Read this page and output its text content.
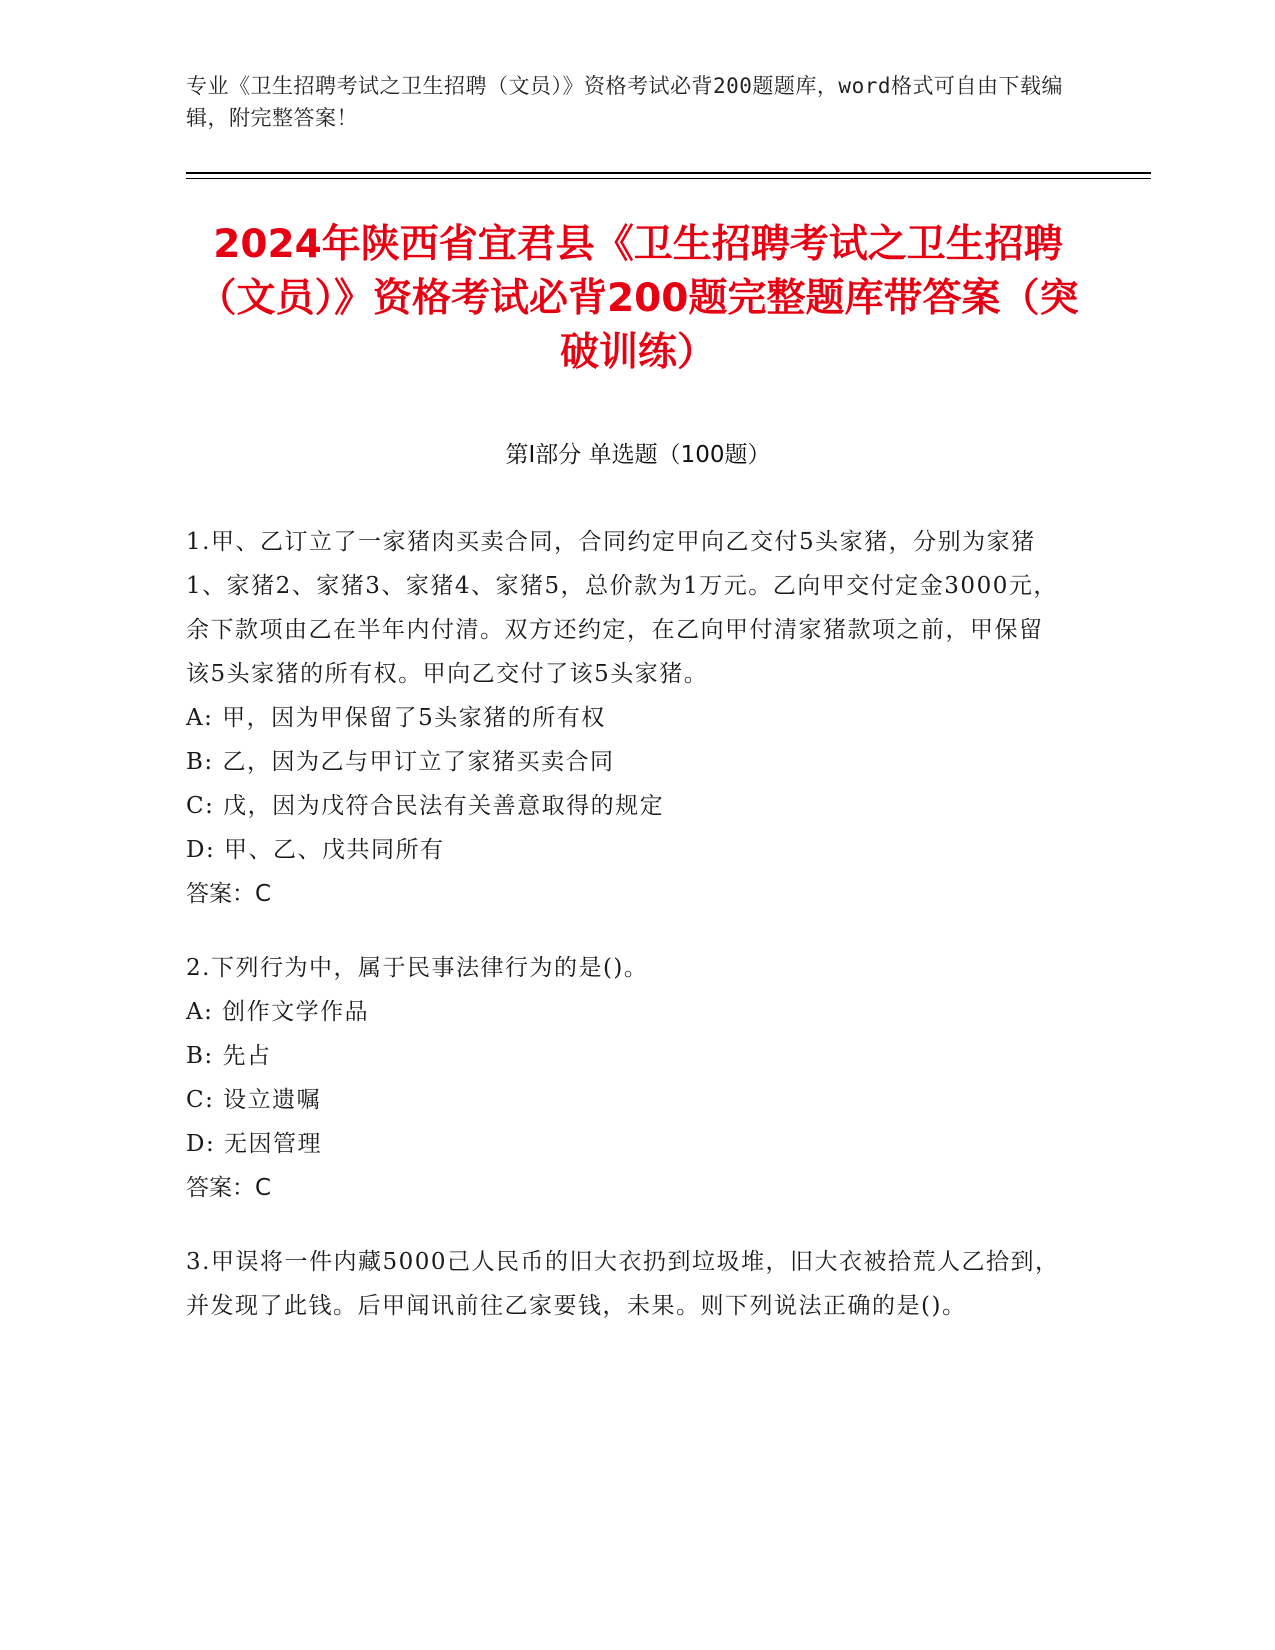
专业《卫生招聘考试之卫生招聘（文员）》资格考试必背200题题库，word格式可自由下载编辑，附完整答案！
2024年陕西省宜君县《卫生招聘考试之卫生招聘（文员）》资格考试必背200题完整题库带答案（突破训练）
第Ⅰ部分 单选题（100题）
1.甲、乙订立了一家猪肉买卖合同，合同约定甲向乙交付5头家猪，分别为家猪1、家猪2、家猪3、家猪4、家猪5，总价款为1万元。乙向甲交付定金3000元，余下款项由乙在半年内付清。双方还约定，在乙向甲付清家猪款项之前，甲保留该5头家猪的所有权。甲向乙交付了该5头家猪。
A: 甲，因为甲保留了5头家猪的所有权
B: 乙，因为乙与甲订立了家猪买卖合同
C: 戊，因为戊符合民法有关善意取得的规定
D: 甲、乙、戊共同所有
答案：C
2.下列行为中，属于民事法律行为的是()。
A: 创作文学作品
B: 先占
C: 设立遗嘱
D: 无因管理
答案：C
3.甲误将一件内藏5000己人民币的旧大衣扔到垃圾堆，旧大衣被拾荒人乙拾到，并发现了此钱。后甲闻讯前往乙家要钱，未果。则下列说法正确的是()。
